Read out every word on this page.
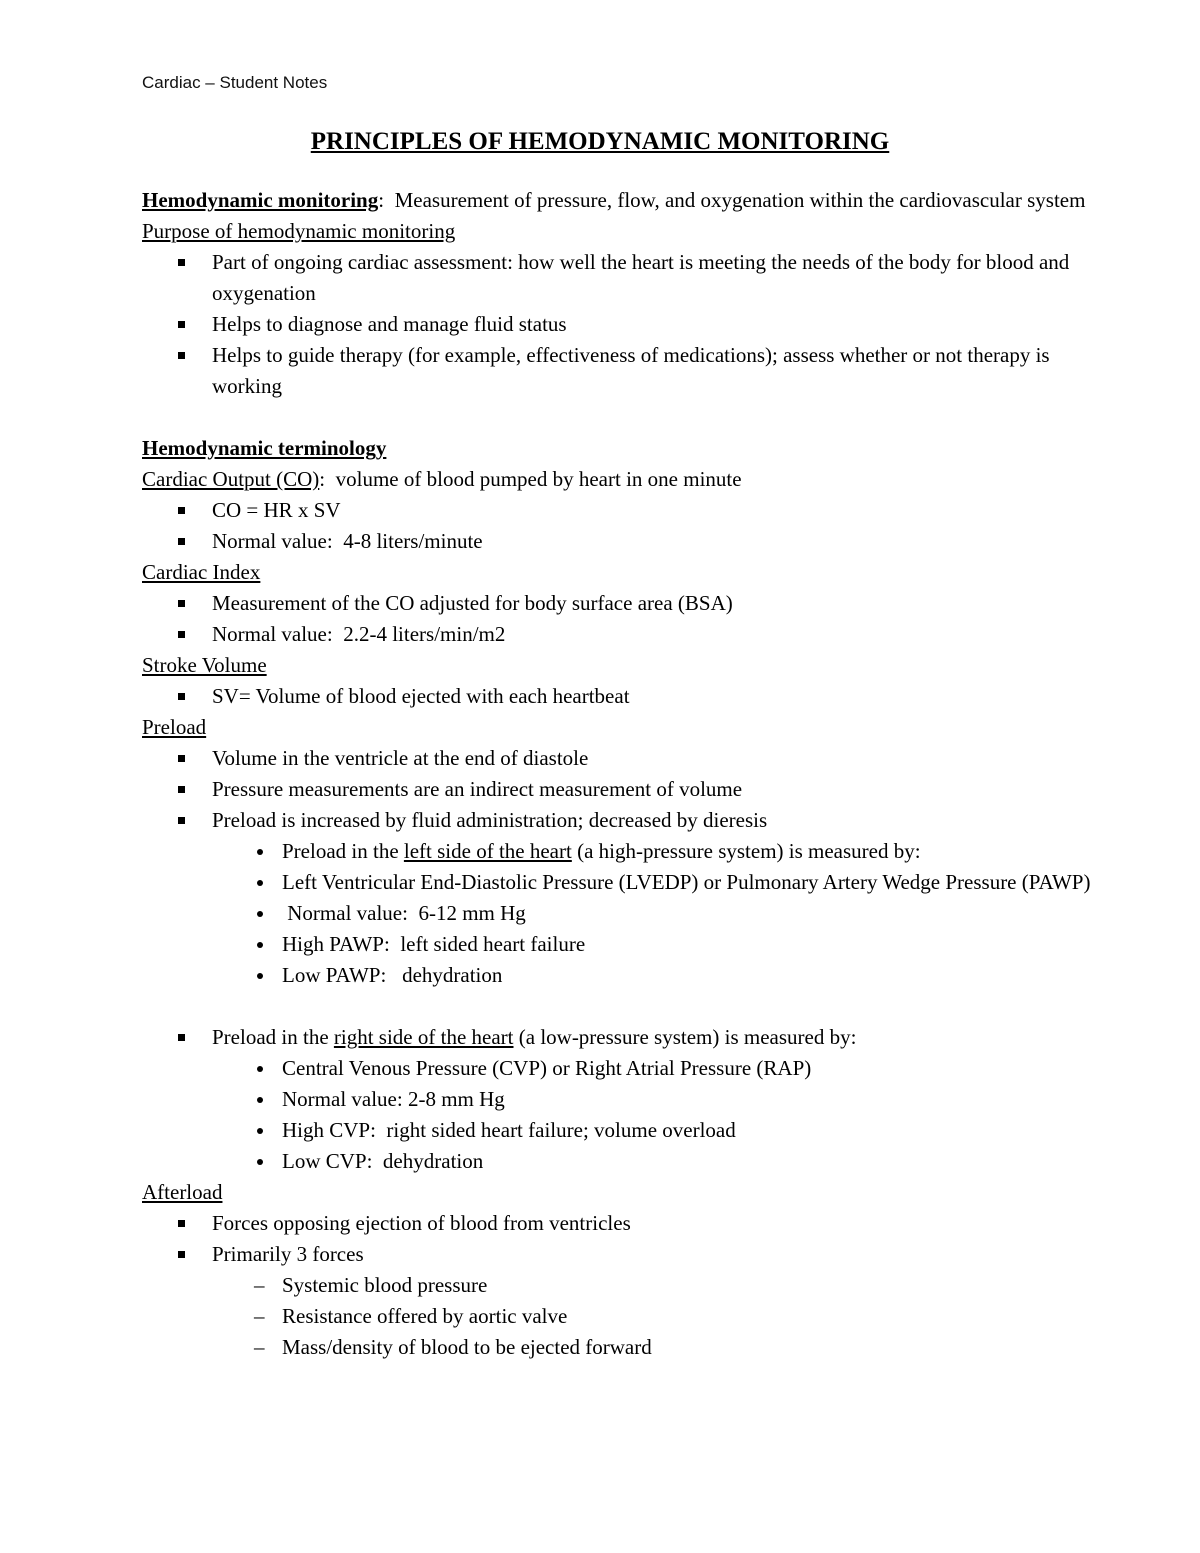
Cardiac – Student Notes
PRINCIPLES OF HEMODYNAMIC MONITORING

Hemodynamic monitoring:  Measurement of pressure, flow, and oxygenation within the cardiovascular system

Purpose of hemodynamic monitoring

Part of ongoing cardiac assessment: how well the heart is meeting the needs of the body for blood and oxygenation
Helps to diagnose and manage fluid status
Helps to guide therapy (for example, effectiveness of medications); assess whether or not therapy is working

Hemodynamic terminology

Cardiac Output (CO):  volume of blood pumped by heart in one minute

CO = HR x SV
Normal value:  4-8 liters/minute

Cardiac Index

Measurement of the CO adjusted for body surface area (BSA)
Normal value:  2.2-4 liters/min/m2

Stroke Volume

SV= Volume of blood ejected with each heartbeat

Preload

Volume in the ventricle at the end of diastole
Pressure measurements are an indirect measurement of volume
Preload is increased by fluid administration; decreased by dieresis
Preload in the left side of the heart (a high-pressure system) is measured by:
Left Ventricular End-Diastolic Pressure (LVEDP) or Pulmonary Artery Wedge Pressure (PAWP)
Normal value:  6-12 mm Hg
High PAWP:  left sided heart failure
Low PAWP:   dehydration
Preload in the right side of the heart (a low-pressure system) is measured by:
Central Venous Pressure (CVP) or Right Atrial Pressure (RAP)
Normal value: 2-8 mm Hg
High CVP:  right sided heart failure; volume overload
Low CVP:  dehydration

Afterload

Forces opposing ejection of blood from ventricles
Primarily 3 forces
– Systemic blood pressure
– Resistance offered by aortic valve
– Mass/density of blood to be ejected forward
